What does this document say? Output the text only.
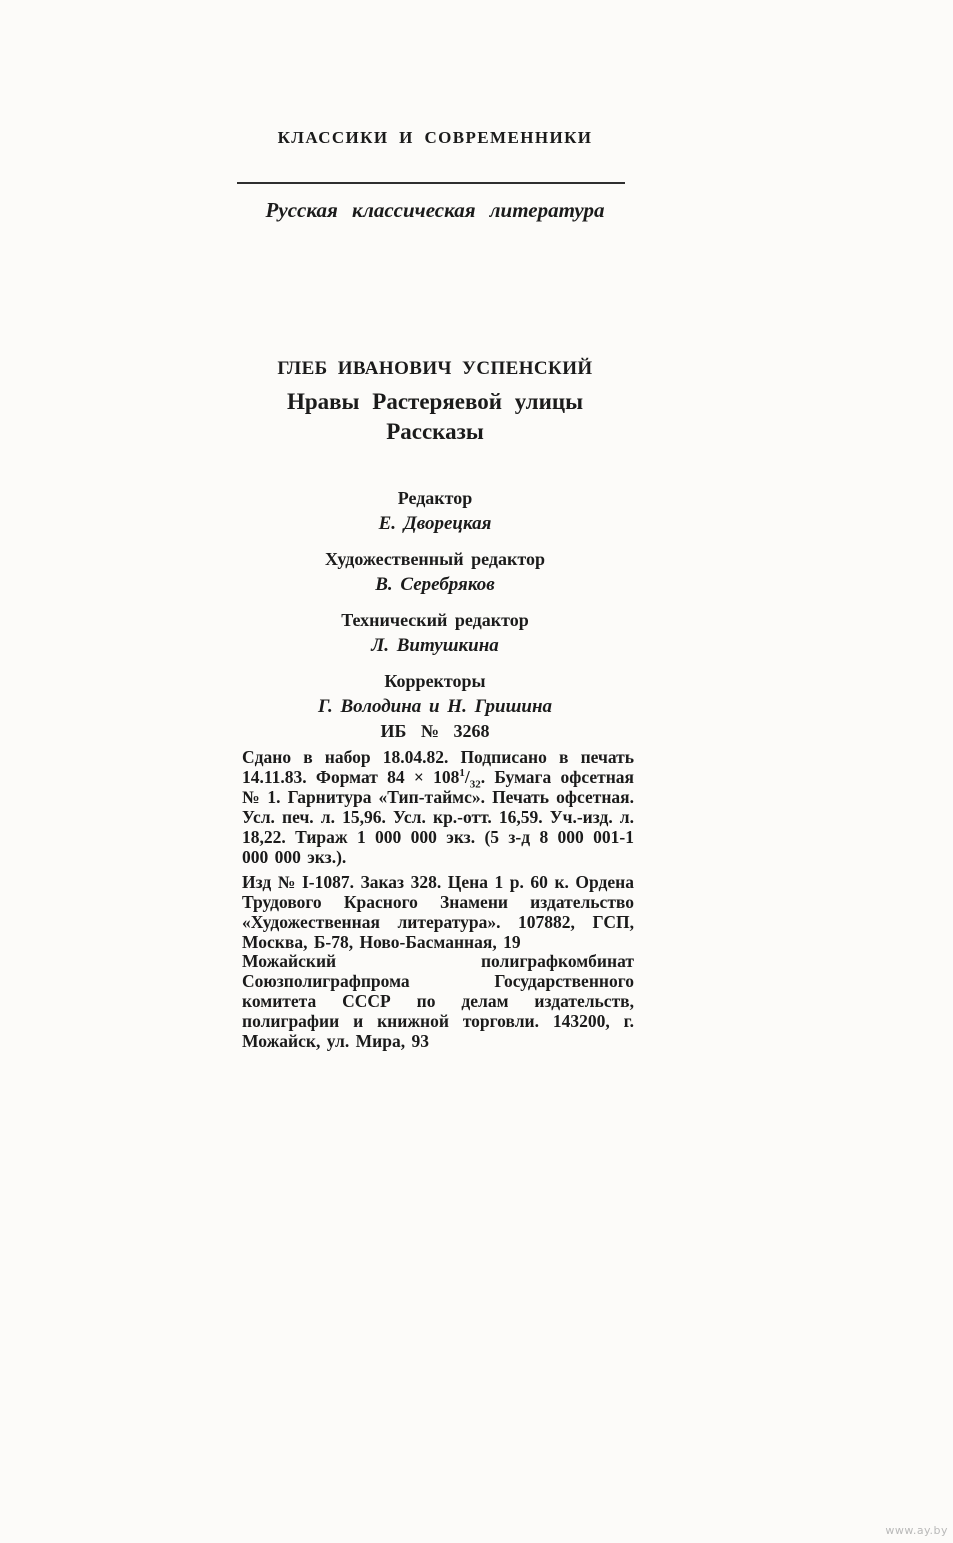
КЛАССИКИ И СОВРЕМЕННИКИ
Русская классическая литература
ГЛЕБ ИВАНОВИЧ УСПЕНСКИЙ
Нравы Растеряевой улицы
Рассказы
Редактор
Е. Дворецкая
Художественный редактор
В. Серебряков
Технический редактор
Л. Витушкина
Корректоры
Г. Володина и Н. Гришина
ИБ № 3268

Сдано в набор 18.04.82. Подписано в печать 14.11.83. Формат $84 \times 108^1/_{32}$. Бумага офсетная № 1. Гарнитура «Тип-таймс». Печать офсетная. Усл. печ. л. 15,96. Усл. кр.-отт. 16,59. Уч.-изд. л. 18,22. Тираж 1 000 000 экз. (5 з-д 8 000 001-1 000 000 экз.).

Изд № I-1087. Заказ 328. Цена 1 р. 60 к. Ордена Трудового Красного Знамени издательство «Художественная литература». 107882, ГСП, Москва, Б-78, Ново-Басманная, 19

Можайский полиграфкомбинат Союзполиграфпрома Государственного комитета СССР по делам издательств, полиграфии и книжной торговли. 143200, г. Можайск, ул. Мира, 93

www.ay.by
